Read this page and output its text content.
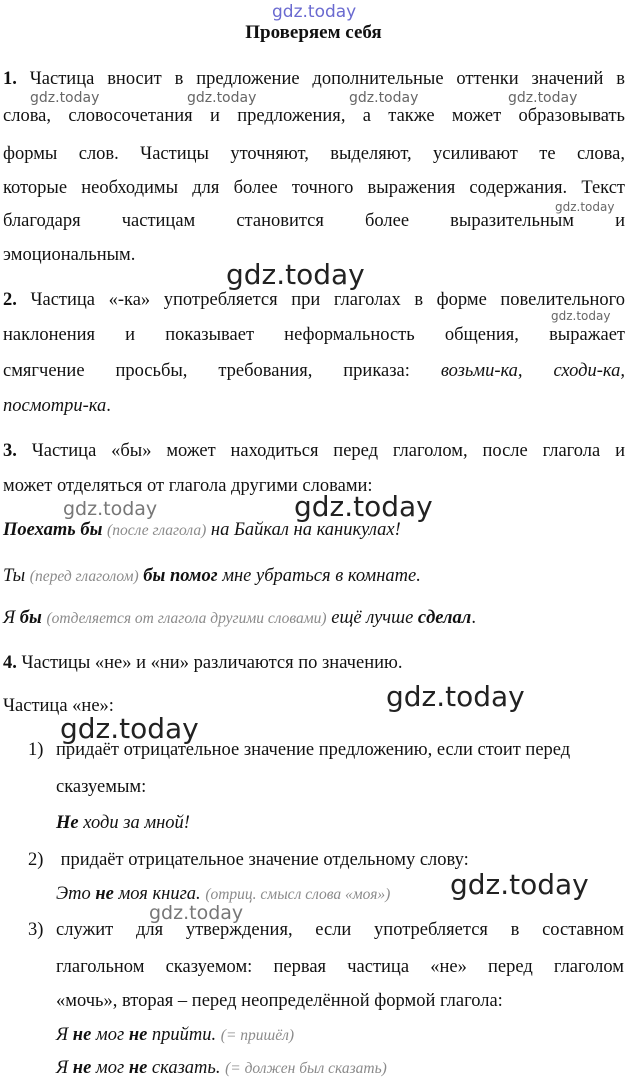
gdz.today
gdz.today	gdz.today	gdz.today	gdz.today
gdz.today
gdz.today
gdz.today
gdz.today	gdz.today
gdz.today
gdz.today
gdz.today
gdz.today
Проверяем себя
1. Частица вносит в предложение дополнительные оттенки значений в
слова, словосочетания и предложения, а также может образовывать
формы слов. Частицы уточняют, выделяют, усиливают те слова,
которые необходимы для более точного выражения содержания. Текст
благодаря частицам становится более выразительным и
эмоциональным.
2. Частица «-ка» употребляется при глаголах в форме повелительного
наклонения и показывает неформальность общения, выражает
смягчение просьбы, требования, приказа: возьми-ка, сходи-ка,
посмотри-ка.
3. Частица «бы» может находиться перед глаголом, после глагола и
может отделяться от глагола другими словами:
Поехать бы (после глагола) на Байкал на каникулах!
Ты (перед глаголом) бы помог мне убраться в комнате.
Я бы (отделяется от глагола другими словами) ещё лучше сделал.
4. Частицы «не» и «ни» различаются по значению.
Частица «не»:
1) придаёт отрицательное значение предложению, если стоит перед
сказуемым:
Не ходи за мной!
2) придаёт отрицательное значение отдельному слову:
Это не моя книга. (отриц. смысл слова «моя»)
3) служит для утверждения, если употребляется в составном
глагольном сказуемом: первая частица «не» перед глаголом
«мочь», вторая – перед неопределённой формой глагола:
Я не мог не прийти. (= пришёл)
Я не мог не сказать. (= должен был сказать)
